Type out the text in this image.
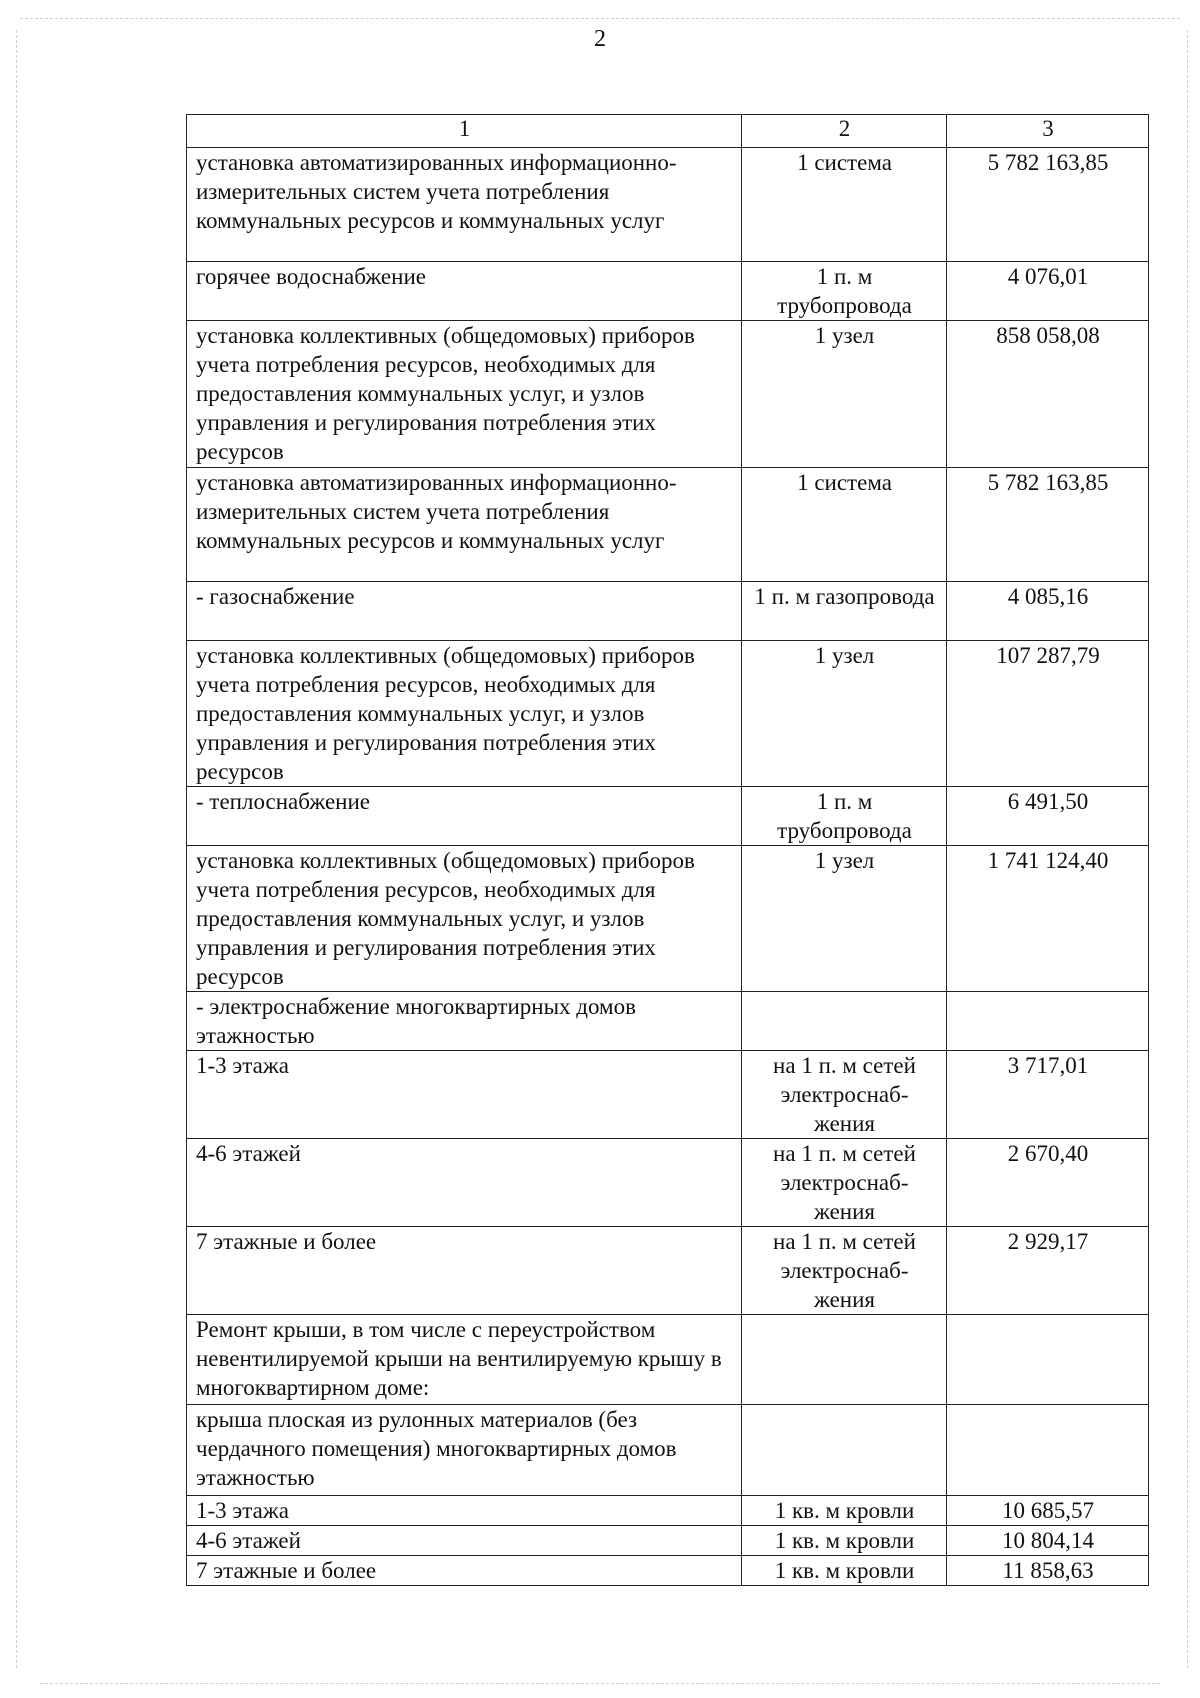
2
1	2	3
установка автоматизированных информационно-измерительных систем учета потребления коммунальных ресурсов и коммунальных услуг	1 система	5 782 163,85
горячее водоснабжение	1 п. м трубопровода	4 076,01
установка коллективных (общедомовых) приборов учета потребления ресурсов, необходимых для предоставления коммунальных услуг, и узлов управления и регулирования потребления этих ресурсов	1 узел	858 058,08
установка автоматизированных информационно-измерительных систем учета потребления коммунальных ресурсов и коммунальных услуг	1 система	5 782 163,85
- газоснабжение	1 п. м газопровода	4 085,16
установка коллективных (общедомовых) приборов учета потребления ресурсов, необходимых для предоставления коммунальных услуг, и узлов управления и регулирования потребления этих ресурсов	1 узел	107 287,79
- теплоснабжение	1 п. м трубопровода	6 491,50
установка коллективных (общедомовых) приборов учета потребления ресурсов, необходимых для предоставления коммунальных услуг, и узлов управления и регулирования потребления этих ресурсов	1 узел	1 741 124,40
- электроснабжение многоквартирных домов этажностью		
1-3 этажа	на 1 п. м сетей электроснаб-жения	3 717,01
4-6 этажей	на 1 п. м сетей электроснаб-жения	2 670,40
7 этажные и более	на 1 п. м сетей электроснаб-жения	2 929,17
Ремонт крыши, в том числе с переустройством невентилируемой крыши на вентилируемую крышу в многоквартирном доме:		
крыша плоская из рулонных материалов (без чердачного помещения) многоквартирных домов этажностью		
1-3 этажа	1 кв. м кровли	10 685,57
4-6 этажей	1 кв. м кровли	10 804,14
7 этажные и более	1 кв. м кровли	11 858,63
